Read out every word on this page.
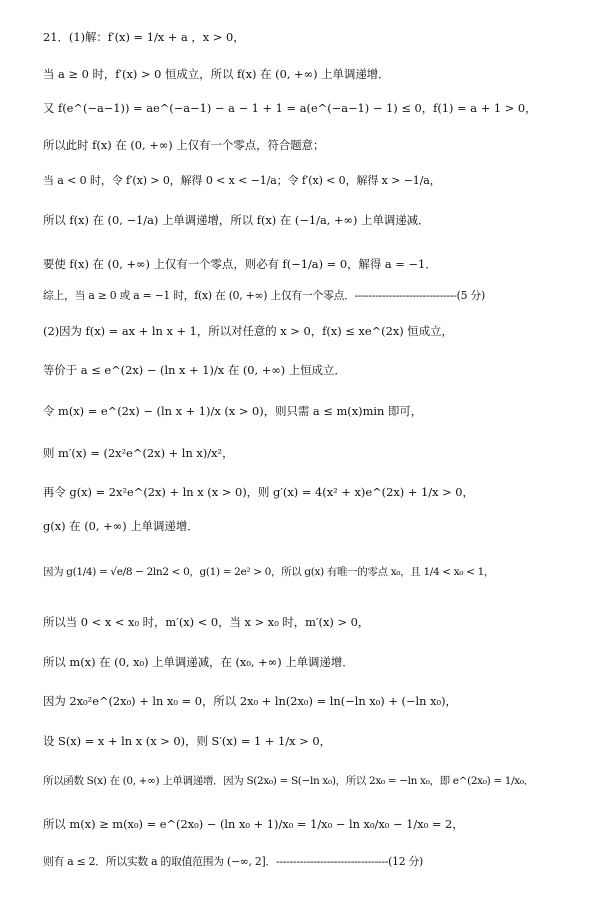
21．(1)解：f′(x) = 1/x + a ，x > 0，
当 a ≥ 0 时，f′(x) > 0 恒成立，所以 f(x) 在 (0, +∞) 上单调递增．
又 f(e^(−a−1)) = ae^(−a−1) − a − 1 + 1 = a(e^(−a−1) − 1) ≤ 0，f(1) = a + 1 > 0，
所以此时 f(x) 在 (0, +∞) 上仅有一个零点，符合题意；
当 a < 0 时，令 f′(x) > 0，解得 0 < x < −1/a；令 f′(x) < 0，解得 x > −1/a，
所以 f(x) 在 (0, −1/a) 上单调递增，所以 f(x) 在 (−1/a, +∞) 上单调递减．
要使 f(x) 在 (0, +∞) 上仅有一个零点，则必有 f(−1/a) = 0，解得 a = −1．
综上，当 a ≥ 0 或 a = −1 时，f(x) 在 (0, +∞) 上仅有一个零点．------------------------------(5 分)
(2)因为 f(x) = ax + ln x + 1，所以对任意的 x > 0，f(x) ≤ xe^(2x) 恒成立，
等价于 a ≤ e^(2x) − (ln x + 1)/x 在 (0, +∞) 上恒成立．
令 m(x) = e^(2x) − (ln x + 1)/x (x > 0)，则只需 a ≤ m(x)min 即可，
则 m′(x) = (2x²e^(2x) + ln x)/x²，
再令 g(x) = 2x²e^(2x) + ln x (x > 0)，则 g′(x) = 4(x² + x)e^(2x) + 1/x > 0，
g(x) 在 (0, +∞) 上单调递增．
因为 g(1/4) = √e/8 − 2ln2 < 0，g(1) = 2e² > 0，所以 g(x) 有唯一的零点 x₀，且 1/4 < x₀ < 1，
所以当 0 < x < x₀ 时，m′(x) < 0，当 x > x₀ 时，m′(x) > 0，
所以 m(x) 在 (0, x₀) 上单调递减，在 (x₀, +∞) 上单调递增．
因为 2x₀²e^(2x₀) + ln x₀ = 0，所以 2x₀ + ln(2x₀) = ln(−ln x₀) + (−ln x₀)，
设 S(x) = x + ln x (x > 0)，则 S′(x) = 1 + 1/x > 0，
所以函数 S(x) 在 (0, +∞) 上单调递增．因为 S(2x₀) = S(−ln x₀)，所以 2x₀ = −ln x₀，即 e^(2x₀) = 1/x₀．
所以 m(x) ≥ m(x₀) = e^(2x₀) − (ln x₀ + 1)/x₀ = 1/x₀ − ln x₀/x₀ − 1/x₀ = 2，
则有 a ≤ 2．所以实数 a 的取值范围为 (−∞, 2]．---------------------------------(12 分)
